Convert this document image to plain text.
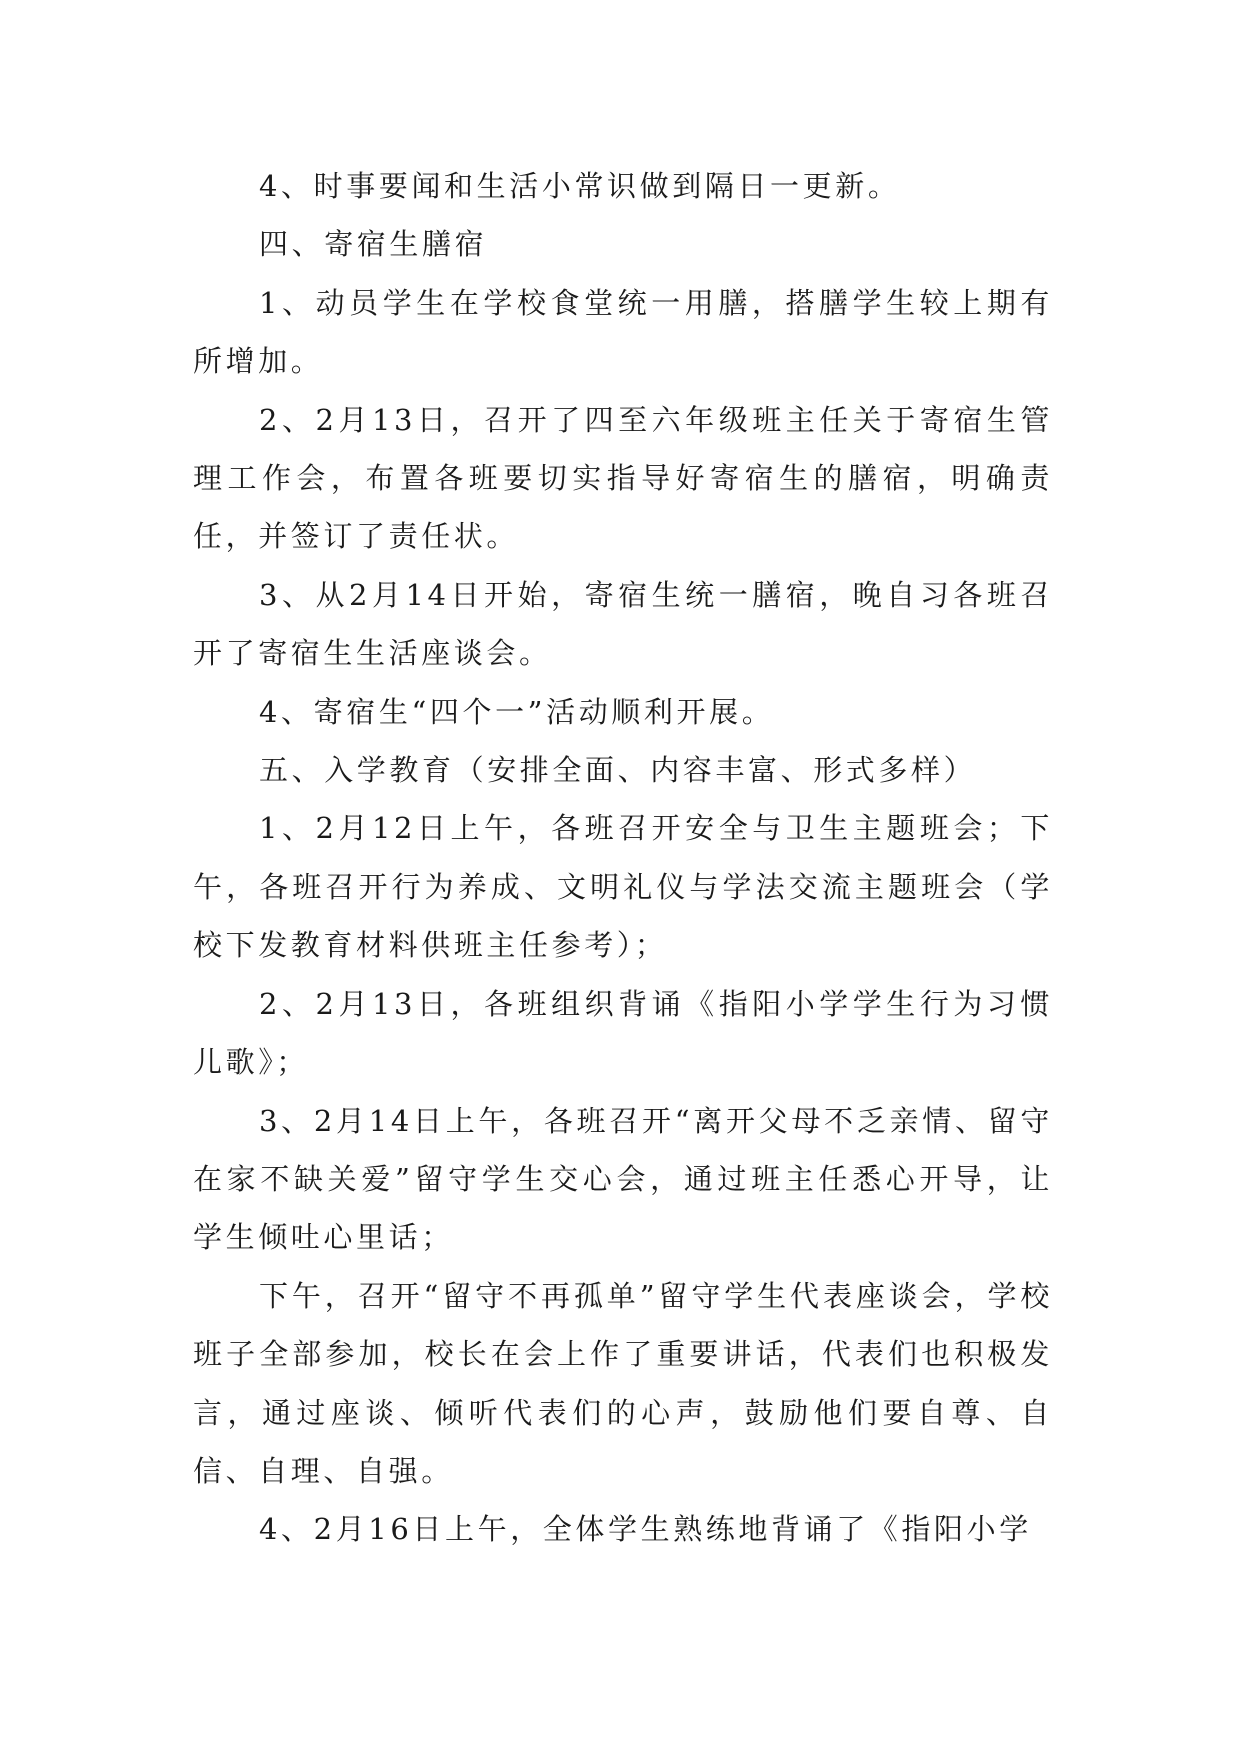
4、时事要闻和生活小常识做到隔日一更新。

四、寄宿生膳宿

1、动员学生在学校食堂统一用膳，搭膳学生较上期有所增加。

2、2月13日，召开了四至六年级班主任关于寄宿生管理工作会，布置各班要切实指导好寄宿生的膳宿，明确责任，并签订了责任状。

3、从2月14日开始，寄宿生统一膳宿，晚自习各班召开了寄宿生生活座谈会。

4、寄宿生“四个一”活动顺利开展。

五、入学教育（安排全面、内容丰富、形式多样）

1、2月12日上午，各班召开安全与卫生主题班会；下午，各班召开行为养成、文明礼仪与学法交流主题班会（学校下发教育材料供班主任参考）；

2、2月13日，各班组织背诵《指阳小学学生行为习惯儿歌》；

3、2月14日上午，各班召开“离开父母不乏亲情、留守在家不缺关爱”留守学生交心会，通过班主任悉心开导，让学生倾吐心里话；

下午，召开“留守不再孤单”留守学生代表座谈会，学校班子全部参加，校长在会上作了重要讲话，代表们也积极发言，通过座谈、倾听代表们的心声，鼓励他们要自尊、自信、自理、自强。

4、2月16日上午，全体学生熟练地背诵了《指阳小学
